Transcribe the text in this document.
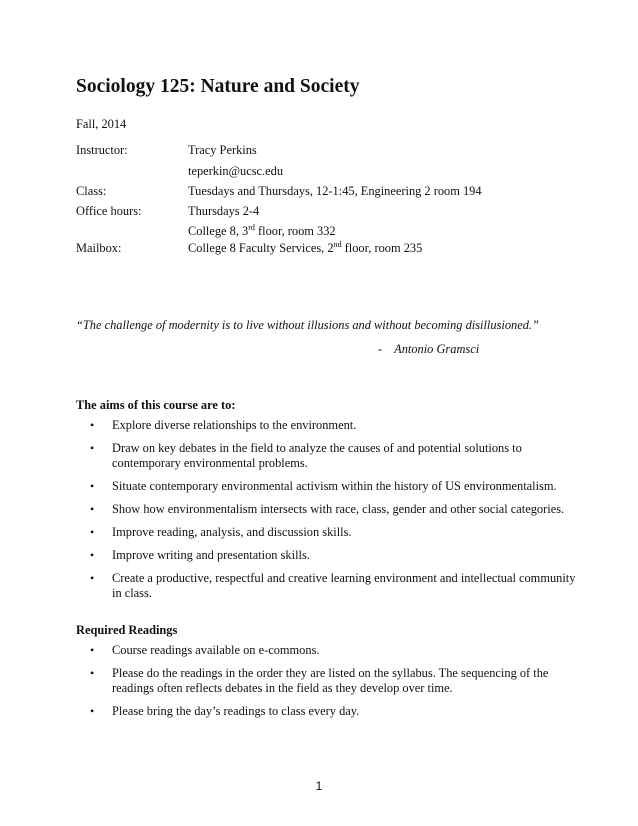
Sociology 125: Nature and Society
Fall, 2014
Instructor:	Tracy Perkins
teperkin@ucsc.edu
Class:	Tuesdays and Thursdays, 12-1:45, Engineering 2 room 194
Office hours:	Thursdays 2-4
College 8, 3rd floor, room 332
Mailbox:	College 8 Faculty Services, 2nd floor, room 235
“The challenge of modernity is to live without illusions and without becoming disillusioned.”
- Antonio Gramsci
The aims of this course are to:
• Explore diverse relationships to the environment.
• Draw on key debates in the field to analyze the causes of and potential solutions to contemporary environmental problems.
• Situate contemporary environmental activism within the history of US environmentalism.
• Show how environmentalism intersects with race, class, gender and other social categories.
• Improve reading, analysis, and discussion skills.
• Improve writing and presentation skills.
• Create a productive, respectful and creative learning environment and intellectual community in class.
Required Readings
• Course readings available on e-commons.
• Please do the readings in the order they are listed on the syllabus. The sequencing of the readings often reflects debates in the field as they develop over time.
• Please bring the day’s readings to class every day.
1
